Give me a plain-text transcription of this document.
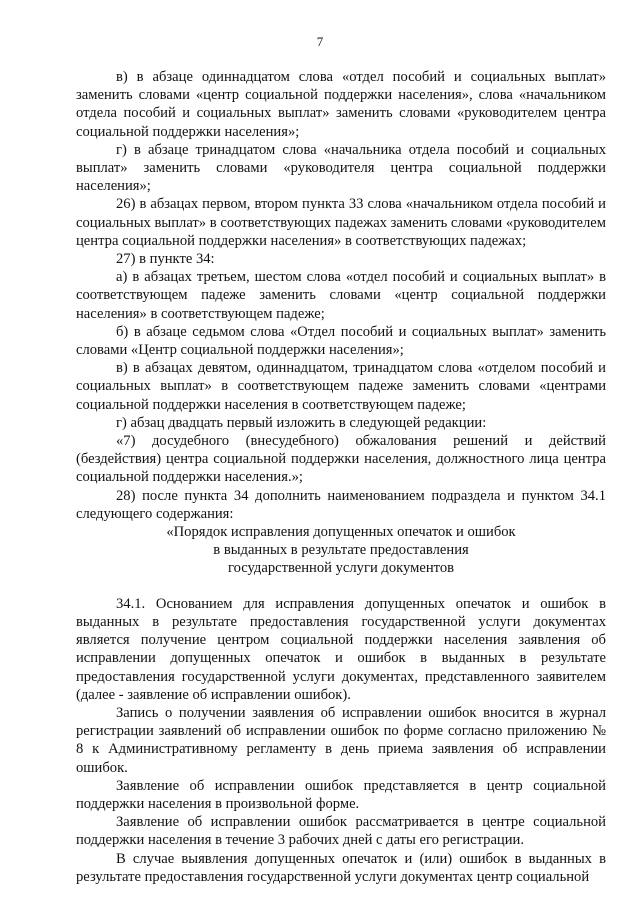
7

в) в абзаце одиннадцатом слова «отдел пособий и социальных выплат» заменить словами «центр социальной поддержки населения», слова «начальником отдела пособий и социальных выплат» заменить словами «руководителем центра социальной поддержки населения»;

г) в абзаце тринадцатом слова «начальника отдела пособий и социальных выплат» заменить словами «руководителя центра социальной поддержки населения»;

26) в абзацах первом, втором пункта 33 слова «начальником отдела пособий и социальных выплат» в соответствующих падежах заменить словами «руководителем центра социальной поддержки населения» в соответствующих падежах;

27) в пункте 34:

а) в абзацах третьем, шестом слова «отдел пособий и социальных выплат» в соответствующем падеже заменить словами «центр социальной поддержки населения» в соответствующем падеже;

б) в абзаце седьмом слова «Отдел пособий и социальных выплат» заменить словами «Центр социальной поддержки населения»;

в) в абзацах девятом, одиннадцатом, тринадцатом слова «отделом пособий и социальных выплат» в соответствующем падеже заменить словами «центрами социальной поддержки населения в соответствующем падеже;

г) абзац двадцать первый изложить в следующей редакции:

«7) досудебного (внесудебного) обжалования решений и действий (бездействия) центра социальной поддержки населения, должностного лица центра социальной поддержки населения.»;

28) после пункта 34 дополнить наименованием подраздела и пунктом 34.1 следующего содержания:

«Порядок исправления допущенных опечаток и ошибок
в выданных в результате предоставления
государственной услуги документов

34.1. Основанием для исправления допущенных опечаток и ошибок в выданных в результате предоставления государственной услуги документах является получение центром социальной поддержки населения заявления об исправлении допущенных опечаток и ошибок в выданных в результате предоставления государственной услуги документах, представленного заявителем (далее - заявление об исправлении ошибок).

Запись о получении заявления об исправлении ошибок вносится в журнал регистрации заявлений об исправлении ошибок по форме согласно приложению № 8 к Административному регламенту в день приема заявления об исправлении ошибок.

Заявление об исправлении ошибок представляется в центр социальной поддержки населения в произвольной форме.

Заявление об исправлении ошибок рассматривается в центре социальной поддержки населения в течение 3 рабочих дней с даты его регистрации.

В случае выявления допущенных опечаток и (или) ошибок в выданных в результате предоставления государственной услуги документах центр социальной
